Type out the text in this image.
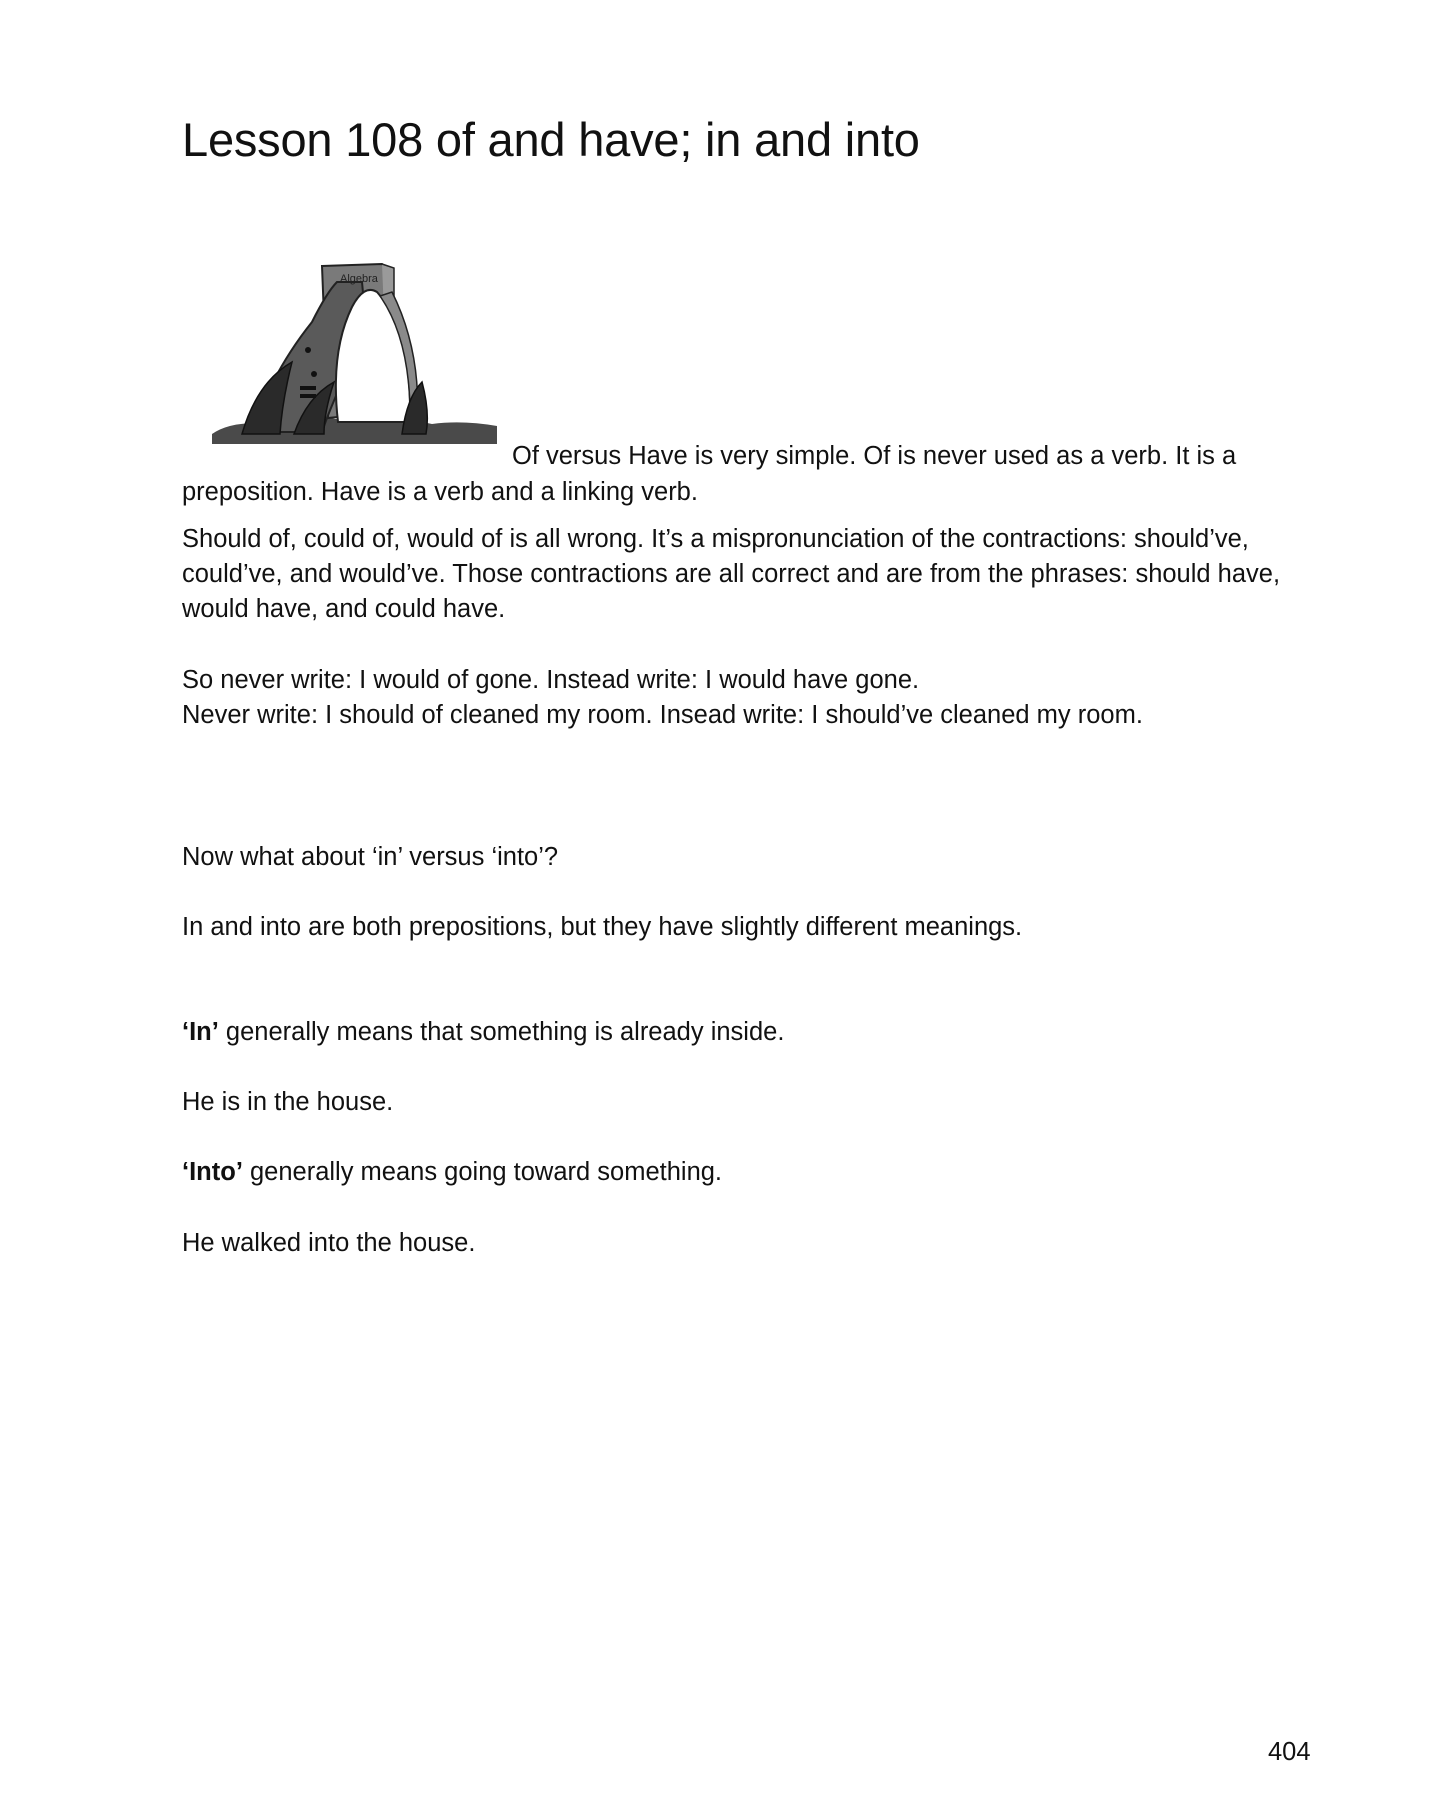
Lesson 108 of and have; in and into
Algebra

Of versus Have is very simple. Of is never used as a verb. It is a

preposition. Have is a verb and a linking verb.

Should of, could of, would of is all wrong. It’s a mispronunciation of the contractions: should’ve, could’ve, and would’ve. Those contractions are all correct and are from the phrases: should have, would have, and could have.

So never write: I would of gone. Instead write: I would have gone.

Never write: I should of cleaned my room. Insead write: I should’ve cleaned my room.

Now what about ‘in’ versus ‘into’?

In and into are both prepositions, but they have slightly different meanings.

‘In’ generally means that something is already inside.

He is in the house.

‘Into’ generally means going toward something.

He walked into the house.

404
